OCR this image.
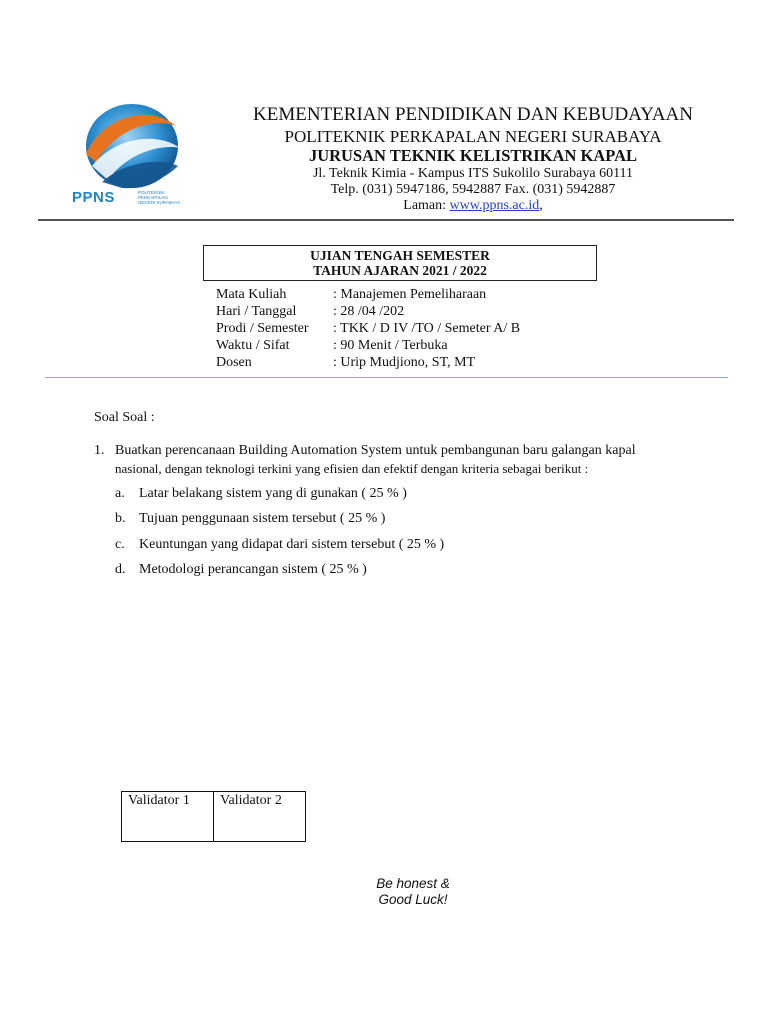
PPNS	POLITEKNIK
PERKAPALAN
NEGERI SURABAYA
KEMENTERIAN PENDIDIKAN DAN KEBUDAYAAN
POLITEKNIK PERKAPALAN NEGERI SURABAYA
JURUSAN TEKNIK KELISTRIKAN KAPAL
Jl. Teknik Kimia - Kampus ITS Sukolilo Surabaya 60111
Telp. (031) 5947186, 5942887 Fax. (031) 5942887
Laman: www.ppns.ac.id,
UJIAN TENGAH SEMESTER
TAHUN AJARAN 2021 / 2022
Mata Kuliah	: Manajemen Pemeliharaan
Hari / Tanggal	: 28 /04 /202
Prodi / Semester : TKK / D IV /TO / Semeter A/ B
Waktu / Sifat	: 90 Menit / Terbuka
Dosen	: Urip Mudjiono, ST, MT
Soal Soal :
1. Buatkan perencanaan Building Automation System untuk pembangunan baru galangan kapal
nasional, dengan teknologi terkini yang efisien dan efektif dengan kriteria sebagai berikut :
a. Latar belakang sistem yang di gunakan ( 25 % )
b. Tujuan penggunaan sistem tersebut ( 25 % )
c. Keuntungan yang didapat dari sistem tersebut ( 25 % )
d. Metodologi perancangan sistem ( 25 % )
Validator 1	Validator 2
Be honest &
Good Luck!
